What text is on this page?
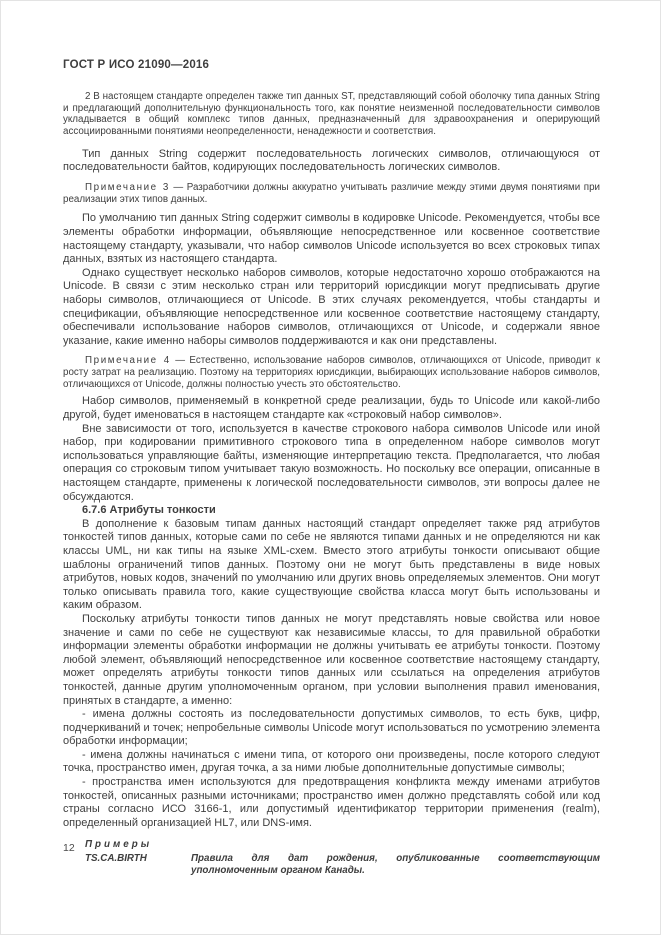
ГОСТ Р ИСО 21090—2016

2 В настоящем стандарте определен также тип данных ST, представляющий собой оболочку типа данных String и предлагающий дополнительную функциональность того, как понятие неизменной последовательности символов укладывается в общий комплекс типов данных, предназначенный для здравоохранения и оперирующий ассоциированными понятиями неопределенности, ненадежности и соответствия.

Тип данных String содержит последовательность логических символов, отличающуюся от последовательности байтов, кодирующих последовательность логических символов.

Примечание 3 — Разработчики должны аккуратно учитывать различие между этими двумя понятиями при реализации этих типов данных.

По умолчанию тип данных String содержит символы в кодировке Unicode. Рекомендуется, чтобы все элементы обработки информации, объявляющие непосредственное или косвенное соответствие настоящему стандарту, указывали, что набор символов Unicode используется во всех строковых типах данных, взятых из настоящего стандарта.

Однако существует несколько наборов символов, которые недостаточно хорошо отображаются на Unicode. В связи с этим несколько стран или территорий юрисдикции могут предписывать другие наборы символов, отличающиеся от Unicode. В этих случаях рекомендуется, чтобы стандарты и спецификации, объявляющие непосредственное или косвенное соответствие настоящему стандарту, обеспечивали использование наборов символов, отличающихся от Unicode, и содержали явное указание, какие именно наборы символов поддерживаются и как они представлены.

Примечание 4 — Естественно, использование наборов символов, отличающихся от Unicode, приводит к росту затрат на реализацию. Поэтому на территориях юрисдикции, выбирающих использование наборов символов, отличающихся от Unicode, должны полностью учесть это обстоятельство.

Набор символов, применяемый в конкретной среде реализации, будь то Unicode или какой-либо другой, будет именоваться в настоящем стандарте как «строковый набор символов».

Вне зависимости от того, используется в качестве строкового набора символов Unicode или иной набор, при кодировании примитивного строкового типа в определенном наборе символов могут использоваться управляющие байты, изменяющие интерпретацию текста. Предполагается, что любая операция со строковым типом учитывает такую возможность. Но поскольку все операции, описанные в настоящем стандарте, применены к логической последовательности символов, эти вопросы далее не обсуждаются.

6.7.6 Атрибуты тонкости

В дополнение к базовым типам данных настоящий стандарт определяет также ряд атрибутов тонкостей типов данных, которые сами по себе не являются типами данных и не определяются ни как классы UML, ни как типы на языке XML-схем. Вместо этого атрибуты тонкости описывают общие шаблоны ограничений типов данных. Поэтому они не могут быть представлены в виде новых атрибутов, новых кодов, значений по умолчанию или других вновь определяемых элементов. Они могут только описывать правила того, какие существующие свойства класса могут быть использованы и каким образом.

Поскольку атрибуты тонкости типов данных не могут представлять новые свойства или новое значение и сами по себе не существуют как независимые классы, то для правильной обработки информации элементы обработки информации не должны учитывать ее атрибуты тонкости. Поэтому любой элемент, объявляющий непосредственное или косвенное соответствие настоящему стандарту, может определять атрибуты тонкости типов данных или ссылаться на определения атрибутов тонкостей, данные другим уполномоченным органом, при условии выполнения правил именования, принятых в стандарте, а именно:

- имена должны состоять из последовательности допустимых символов, то есть букв, цифр, подчеркиваний и точек; непробельные символы Unicode могут использоваться по усмотрению элемента обработки информации;

- имена должны начинаться с имени типа, от которого они произведены, после которого следуют точка, пространство имен, другая точка, а за ними любые дополнительные допустимые символы;

- пространства имен используются для предотвращения конфликта между именами атрибутов тонкостей, описанных разными источниками; пространство имен должно представлять собой или код страны согласно ИСО 3166-1, или допустимый идентификатор территории применения (realm), определенный организацией HL7, или DNS-имя.

Примеры
TS.CA.BIRTH	Правила для дат рождения, опубликованные соответствующим уполномоченным органом Канады.
12
